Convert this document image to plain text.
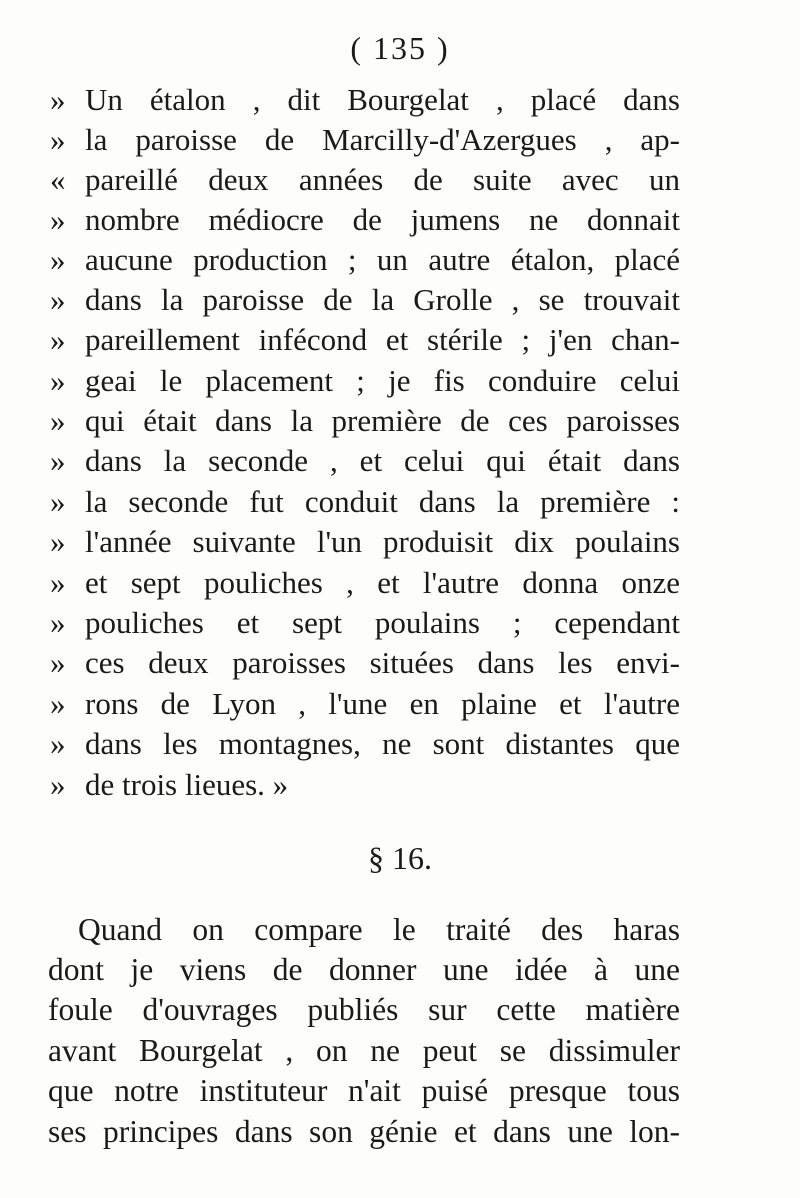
( 135 )
» Un étalon , dit Bourgelat , placé dans
» la paroisse de Marcilly-d'Azergues , ap-
« pareillé deux années de suite avec un
» nombre médiocre de jumens ne donnait
» aucune production ; un autre étalon, placé
» dans la paroisse de la Grolle , se trouvait
» pareillement infécond et stérile ; j'en chan-
» geai le placement ; je fis conduire celui
» qui était dans la première de ces paroisses
» dans la seconde , et celui qui était dans
» la seconde fut conduit dans la première :
» l'année suivante l'un produisit dix poulains
» et sept pouliches , et l'autre donna onze
» pouliches et sept poulains ; cependant
» ces deux paroisses situées dans les envi-
» rons de Lyon , l'une en plaine et l'autre
» dans les montagnes, ne sont distantes que
» de trois lieues. »
§ 16.
Quand on compare le traité des haras
dont je viens de donner une idée à une
foule d'ouvrages publiés sur cette matière
avant Bourgelat , on ne peut se dissimuler
que notre instituteur n'ait puisé presque tous
ses principes dans son génie et dans une lon-
